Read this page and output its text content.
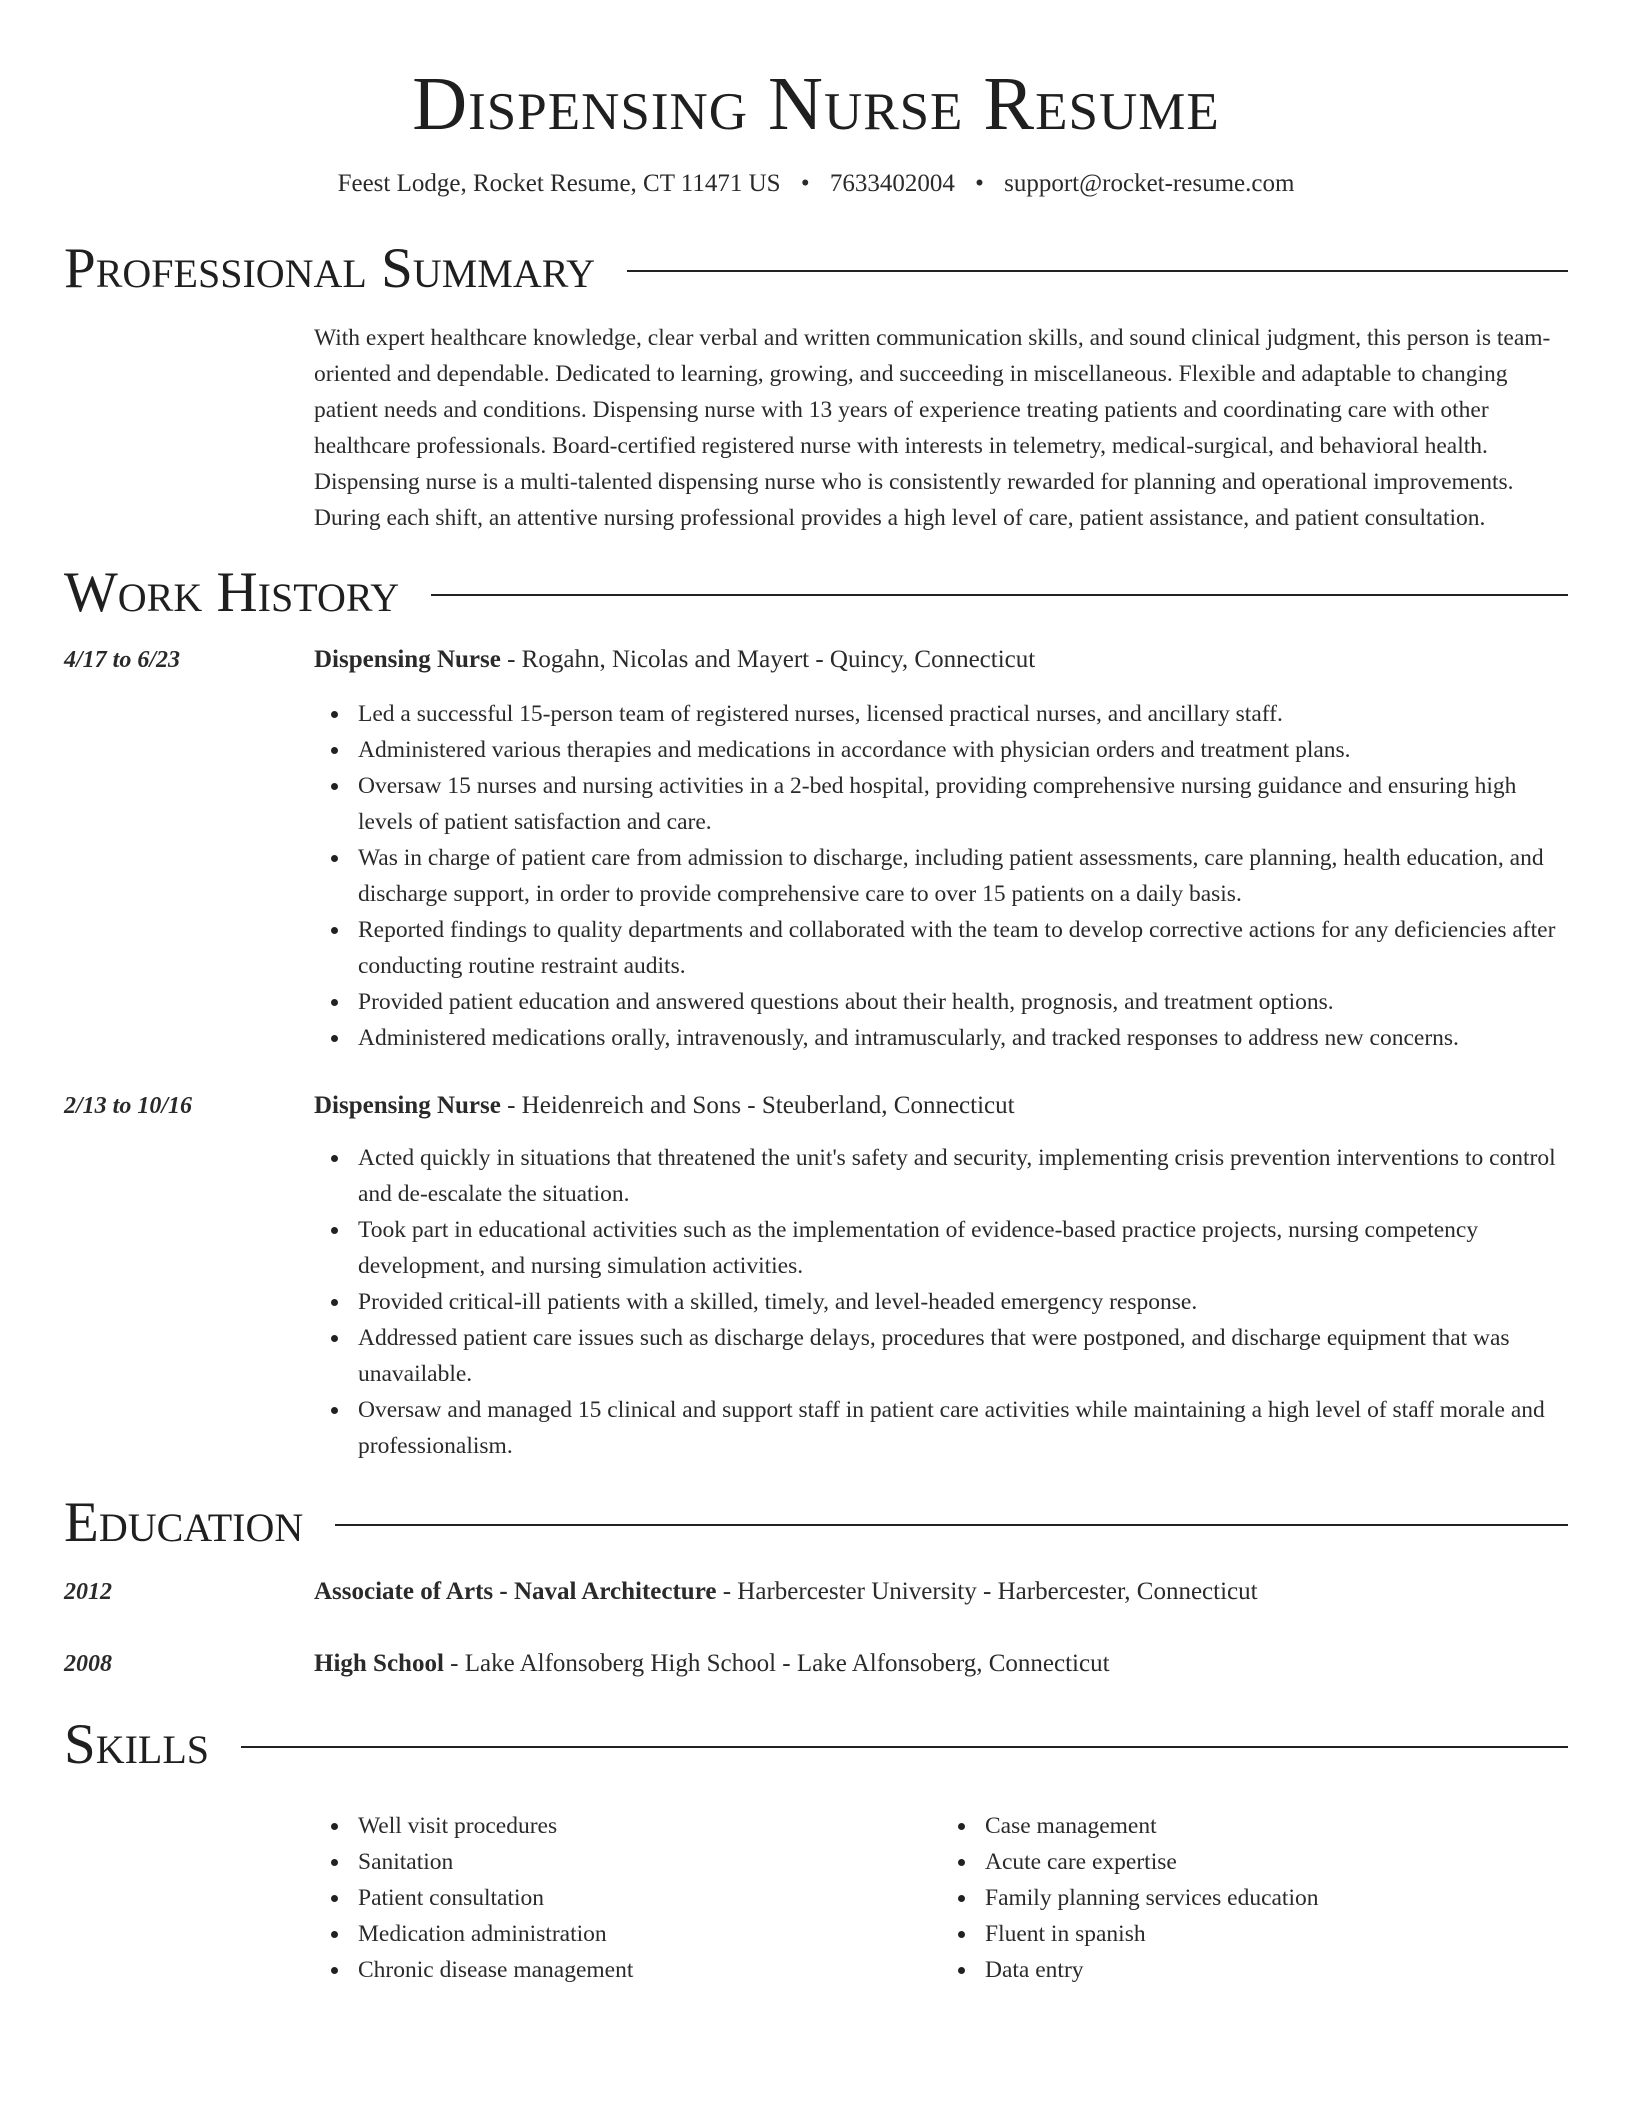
Dispensing Nurse Resume
Feest Lodge, Rocket Resume, CT 11471 US • 7633402004 • support@rocket-resume.com
Professional Summary

With expert healthcare knowledge, clear verbal and written communication skills, and sound clinical judgment, this person is team-oriented and dependable. Dedicated to learning, growing, and succeeding in miscellaneous. Flexible and adaptable to changing patient needs and conditions. Dispensing nurse with 13 years of experience treating patients and coordinating care with other healthcare professionals. Board-certified registered nurse with interests in telemetry, medical-surgical, and behavioral health. Dispensing nurse is a multi-talented dispensing nurse who is consistently rewarded for planning and operational improvements. During each shift, an attentive nursing professional provides a high level of care, patient assistance, and patient consultation.

Work History
4/17 to 6/23	Dispensing Nurse - Rogahn, Nicolas and Mayert - Quincy, Connecticut
Led a successful 15-person team of registered nurses, licensed practical nurses, and ancillary staff.
Administered various therapies and medications in accordance with physician orders and treatment plans.
Oversaw 15 nurses and nursing activities in a 2-bed hospital, providing comprehensive nursing guidance and ensuring high levels of patient satisfaction and care.
Was in charge of patient care from admission to discharge, including patient assessments, care planning, health education, and discharge support, in order to provide comprehensive care to over 15 patients on a daily basis.
Reported findings to quality departments and collaborated with the team to develop corrective actions for any deficiencies after conducting routine restraint audits.
Provided patient education and answered questions about their health, prognosis, and treatment options.
Administered medications orally, intravenously, and intramuscularly, and tracked responses to address new concerns.
2/13 to 10/16	Dispensing Nurse - Heidenreich and Sons - Steuberland, Connecticut
Acted quickly in situations that threatened the unit's safety and security, implementing crisis prevention interventions to control and de-escalate the situation.
Took part in educational activities such as the implementation of evidence-based practice projects, nursing competency development, and nursing simulation activities.
Provided critical-ill patients with a skilled, timely, and level-headed emergency response.
Addressed patient care issues such as discharge delays, procedures that were postponed, and discharge equipment that was unavailable.
Oversaw and managed 15 clinical and support staff in patient care activities while maintaining a high level of staff morale and professionalism.
Education
2012	Associate of Arts - Naval Architecture - Harbercester University - Harbercester, Connecticut
2008	High School - Lake Alfonsoberg High School - Lake Alfonsoberg, Connecticut
Skills
Well visit procedures
Sanitation
Patient consultation
Medication administration
Chronic disease management
Case management
Acute care expertise
Family planning services education
Fluent in spanish
Data entry
